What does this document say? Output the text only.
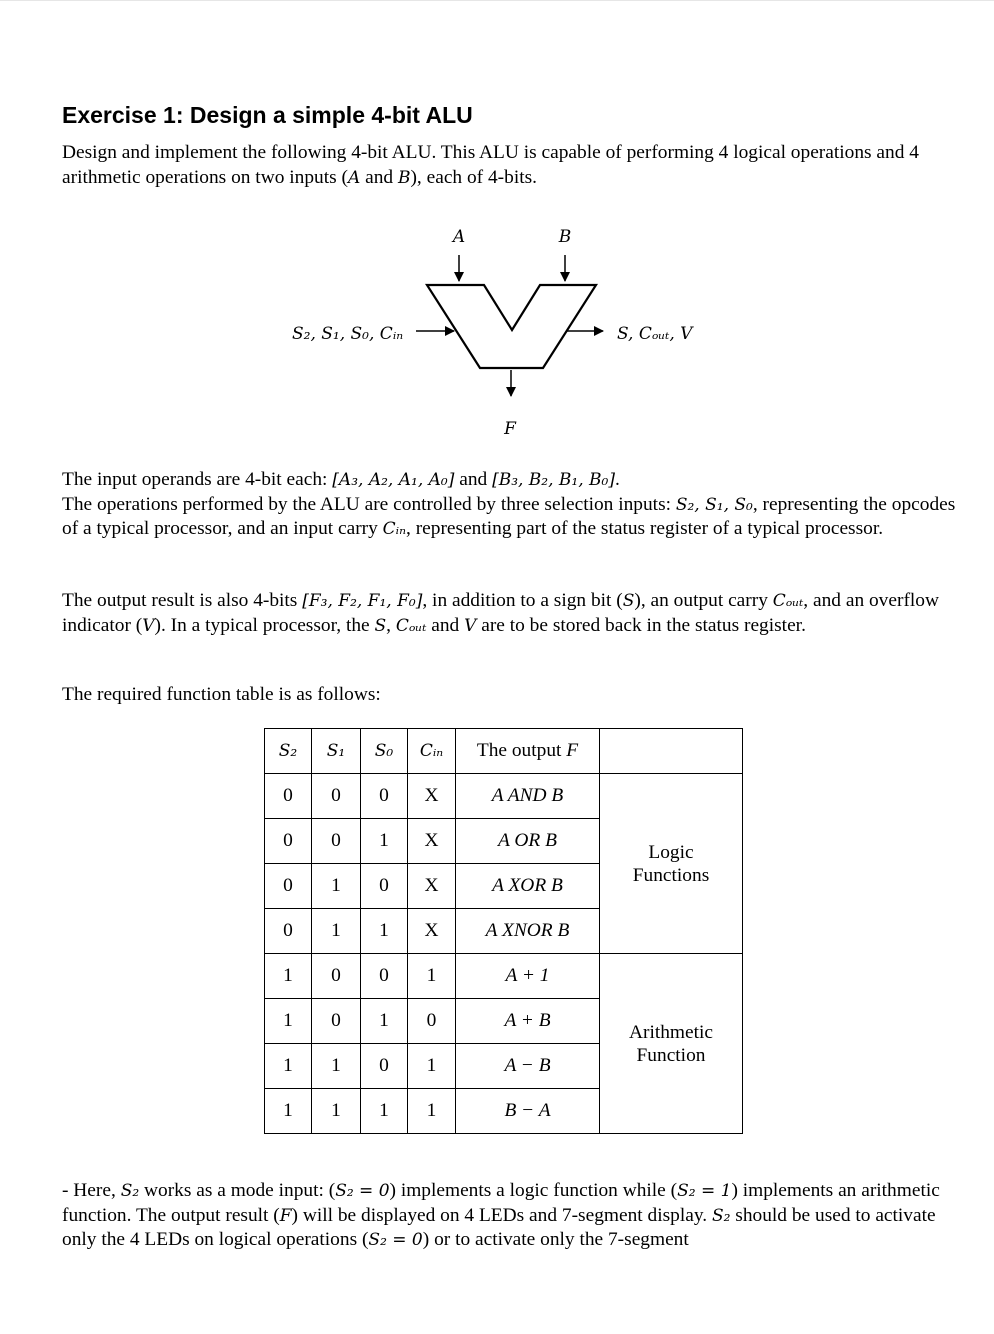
Exercise 1: Design a simple 4-bit ALU
Design and implement the following 4-bit ALU. This ALU is capable of performing 4 logical operations and 4 arithmetic operations on two inputs (A and B), each of 4-bits.
A	B
S₂, S₁, S₀, Cᵢₙ	S, Cₒᵤₜ, V
F

The input operands are 4-bit each: [A₃, A₂, A₁, A₀] and [B₃, B₂, B₁, B₀].

The operations performed by the ALU are controlled by three selection inputs: S₂, S₁, S₀, representing the opcodes of a typical processor, and an input carry Cᵢₙ, representing part of the status register of a typical processor.

The output result is also 4-bits [F₃, F₂, F₁, F₀], in addition to a sign bit (S), an output carry Cₒᵤₜ, and an overflow indicator (V). In a typical processor, the S, Cₒᵤₜ and V are to be stored back in the status register.
The required function table is as follows:
S₂	S₁	S₀	Cᵢₙ	The output F	
0	0	0	X	A AND B	Logic
Functions
0	0	1	X	A OR B	
0	1	0	X	A XOR B	
0	1	1	X	A XNOR B	
1	0	0	1	A + 1	Arithmetic
Function
1	0	1	0	A + B	
1	1	0	1	A − B	
1	1	1	1	B − A	
- Here, S₂ works as a mode input: (S₂ = 0) implements a logic function while (S₂ = 1) implements an arithmetic function. The output result (F) will be displayed on 4 LEDs and 7-segment display. S₂ should be used to activate only the 4 LEDs on logical operations (S₂ = 0) or to activate only the 7-segment
